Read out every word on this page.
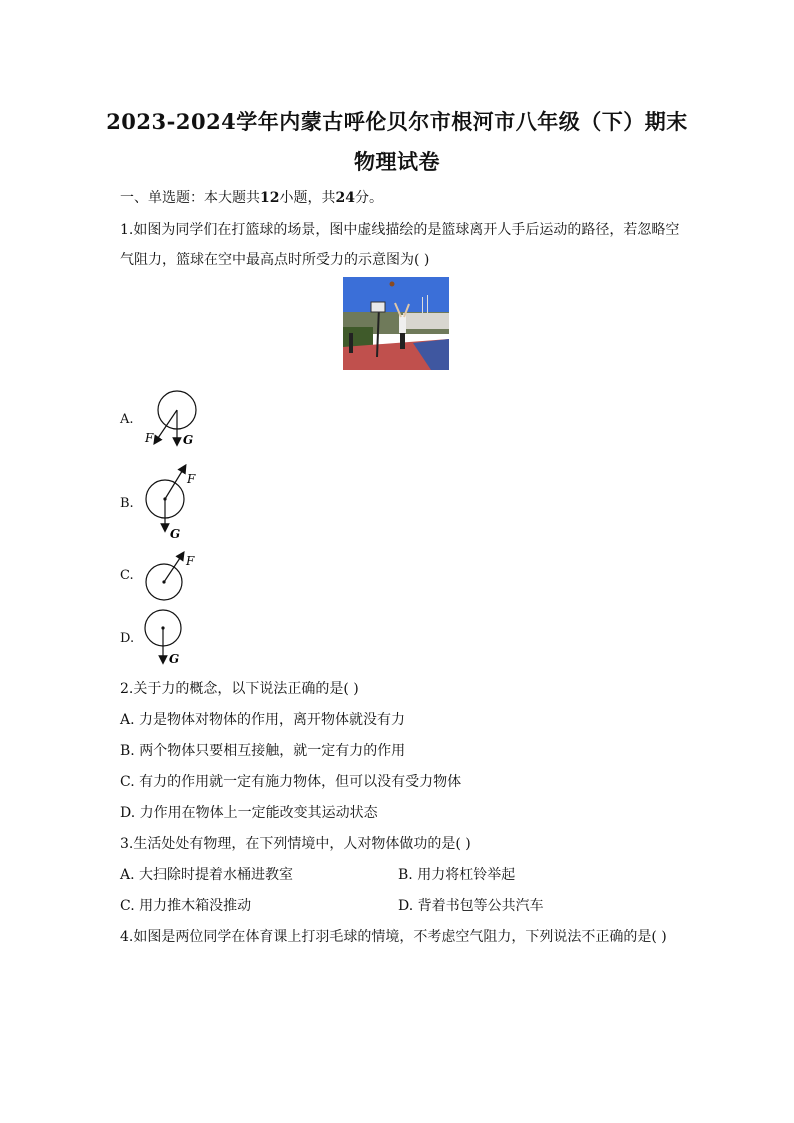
2023-2024学年内蒙古呼伦贝尔市根河市八年级（下）期末
物理试卷
一、单选题：本大题共12小题，共24分。
1.如图为同学们在打篮球的场景，图中虚线描绘的是篮球离开人手后运动的路径，若忽略空
气阻力，篮球在空中最高点时所受力的示意图为( )
A.
F G
B.
F
G
C.
F
D.
G
2.关于力的概念，以下说法正确的是( )
A. 力是物体对物体的作用，离开物体就没有力
B. 两个物体只要相互接触，就一定有力的作用
C. 有力的作用就一定有施力物体，但可以没有受力物体
D. 力作用在物体上一定能改变其运动状态
3.生活处处有物理，在下列情境中，人对物体做功的是( )
A. 大扫除时提着水桶进教室	B. 用力将杠铃举起
C. 用力推木箱没推动	D. 背着书包等公共汽车
4.如图是两位同学在体育课上打羽毛球的情境，不考虑空气阻力，下列说法不正确的是( )
